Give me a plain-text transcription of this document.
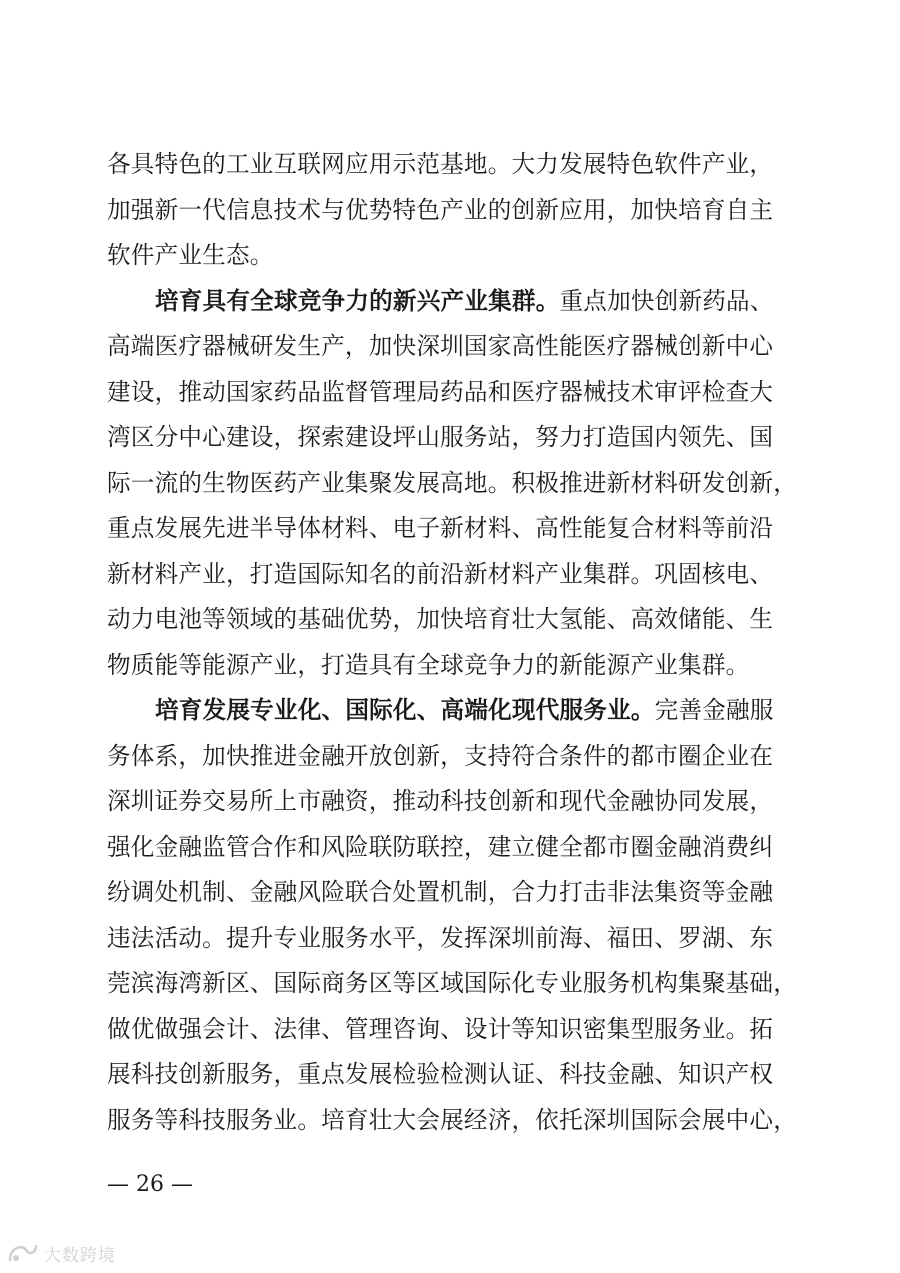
各具特色的工业互联网应用示范基地。大力发展特色软件产业，
加强新一代信息技术与优势特色产业的创新应用，加快培育自主
软件产业生态。
培育具有全球竞争力的新兴产业集群。重点加快创新药品、
高端医疗器械研发生产，加快深圳国家高性能医疗器械创新中心
建设，推动国家药品监督管理局药品和医疗器械技术审评检查大
湾区分中心建设，探索建设坪山服务站，努力打造国内领先、国
际一流的生物医药产业集聚发展高地。积极推进新材料研发创新，
重点发展先进半导体材料、电子新材料、高性能复合材料等前沿
新材料产业，打造国际知名的前沿新材料产业集群。巩固核电、
动力电池等领域的基础优势，加快培育壮大氢能、高效储能、生
物质能等能源产业，打造具有全球竞争力的新能源产业集群。
培育发展专业化、国际化、高端化现代服务业。完善金融服
务体系，加快推进金融开放创新，支持符合条件的都市圈企业在
深圳证券交易所上市融资，推动科技创新和现代金融协同发展，
强化金融监管合作和风险联防联控，建立健全都市圈金融消费纠
纷调处机制、金融风险联合处置机制，合力打击非法集资等金融
违法活动。提升专业服务水平，发挥深圳前海、福田、罗湖、东
莞滨海湾新区、国际商务区等区域国际化专业服务机构集聚基础，
做优做强会计、法律、管理咨询、设计等知识密集型服务业。拓
展科技创新服务，重点发展检验检测认证、科技金融、知识产权
服务等科技服务业。培育壮大会展经济，依托深圳国际会展中心，
— 26 —
大数跨境
